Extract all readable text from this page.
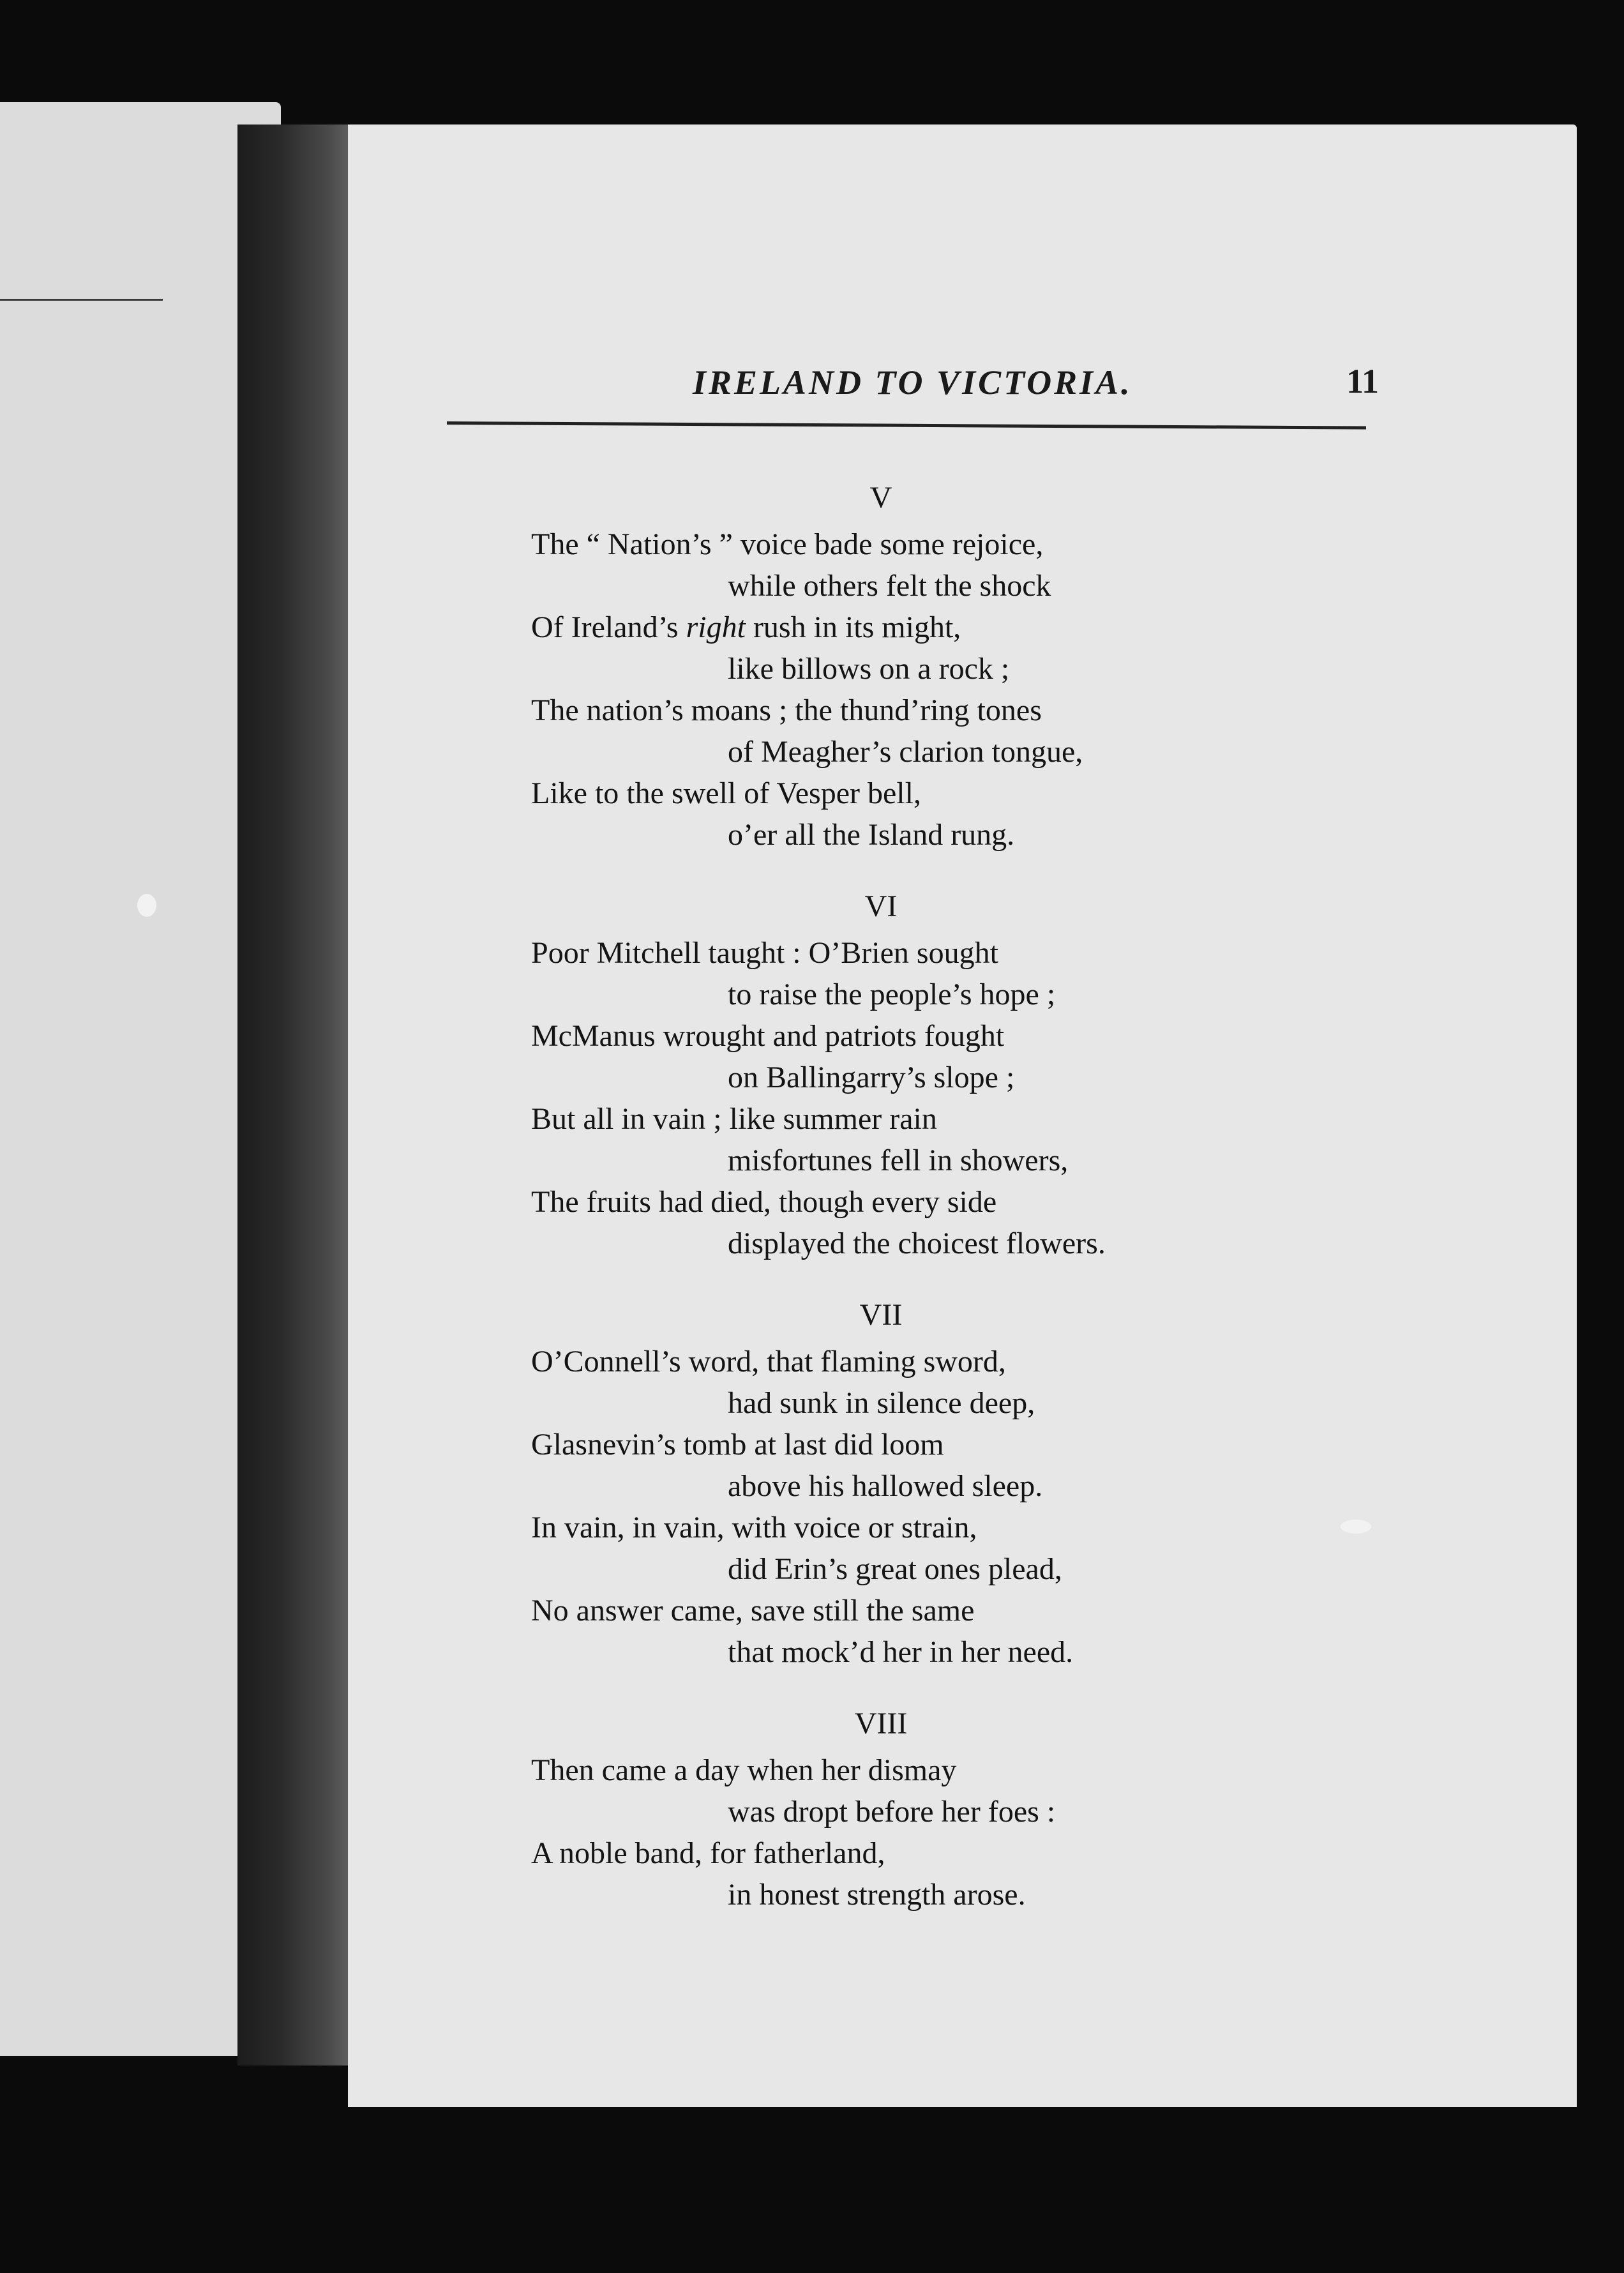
IRELAND TO VICTORIA.	11
V
The “ Nation’s ” voice bade some rejoice,
while others felt the shock
Of Ireland’s right rush in its might,
like billows on a rock ;
The nation’s moans ; the thund’ring tones
of Meagher’s clarion tongue,
Like to the swell of Vesper bell,
o’er all the Island rung.
VI
Poor Mitchell taught : O’Brien sought
to raise the people’s hope ;
McManus wrought and patriots fought
on Ballingarry’s slope ;
But all in vain ; like summer rain
misfortunes fell in showers,
The fruits had died, though every side
displayed the choicest flowers.
VII
O’Connell’s word, that flaming sword,
had sunk in silence deep,
Glasnevin’s tomb at last did loom
above his hallowed sleep.
In vain, in vain, with voice or strain,
did Erin’s great ones plead,
No answer came, save still the same
that mock’d her in her need.
VIII
Then came a day when her dismay
was dropt before her foes :
A noble band, for fatherland,
in honest strength arose.
